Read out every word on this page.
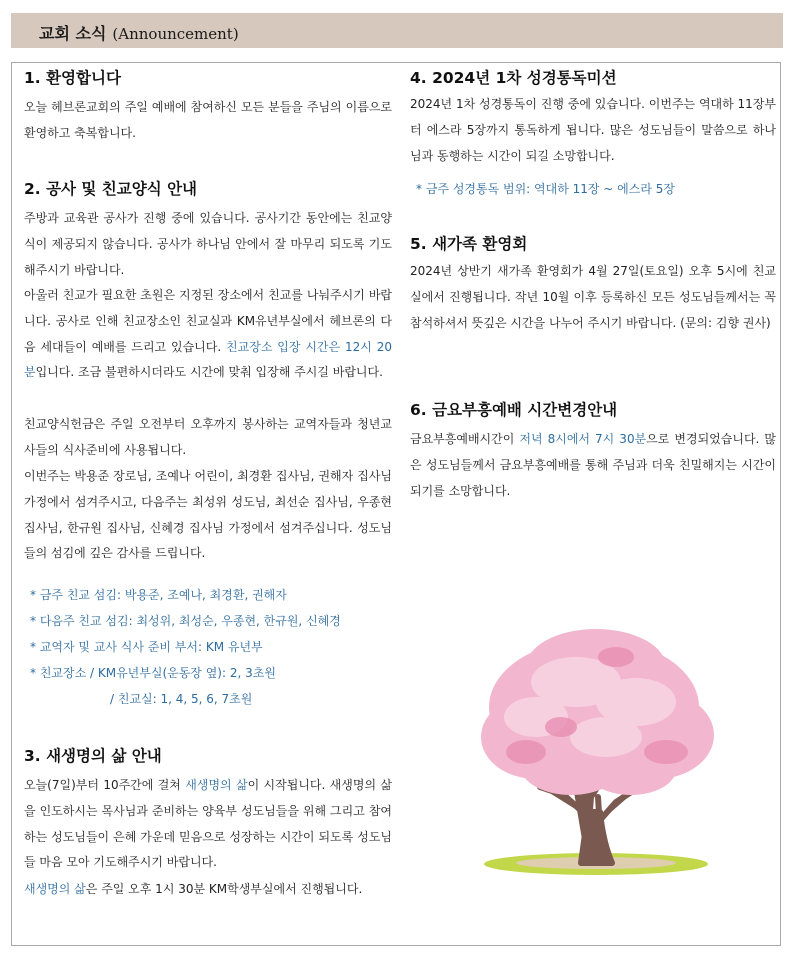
교회 소식 (Announcement)
1. 환영합니다

오늘 헤브론교회의 주일 예배에 참여하신 모든 분들을 주님의 이름으로 환영하고 축복합니다.

2. 공사 및 친교양식 안내

주방과 교육관 공사가 진행 중에 있습니다. 공사기간 동안에는 친교양식이 제공되지 않습니다. 공사가 하나님 안에서 잘 마무리 되도록 기도해주시기 바랍니다.

아울러 친교가 필요한 초원은 지정된 장소에서 친교를 나눠주시기 바랍니다. 공사로 인해 친교장소인 친교실과 KM유년부실에서 헤브론의 다음 세대들이 예배를 드리고 있습니다. 친교장소 입장 시간은 12시 20분입니다. 조금 불편하시더라도 시간에 맞춰 입장해 주시길 바랍니다.

친교양식헌금은 주일 오전부터 오후까지 봉사하는 교역자들과 청년교사들의 식사준비에 사용됩니다.

이번주는 박용준 장로님, 조예나 어린이, 최경환 집사님, 권해자 집사님 가정에서 섬겨주시고, 다음주는 최성위 성도님, 최선순 집사님, 우종현 집사님, 한규원 집사님, 신혜경 집사님 가정에서 섬겨주십니다. 성도님들의 섬김에 깊은 감사를 드립니다.

* 금주 친교 섬김: 박용준, 조예나, 최경환, 권해자
* 다음주 친교 섬김: 최성위, 최성순, 우종현, 한규원, 신혜경
* 교역자 및 교사 식사 준비 부서: KM 유년부
* 친교장소 / KM유년부실(운동장 옆): 2, 3초원
/ 친교실: 1, 4, 5, 6, 7초원
3. 새생명의 삶 안내

오늘(7일)부터 10주간에 걸쳐 새생명의 삶이 시작됩니다. 새생명의 삶을 인도하시는 목사님과 준비하는 양육부 성도님들을 위해 그리고 참여하는 성도님들이 은혜 가운데 믿음으로 성장하는 시간이 되도록 성도님들 마음 모아 기도해주시기 바랍니다.

새생명의 삶은 주일 오후 1시 30분 KM학생부실에서 진행됩니다.

4. 2024년 1차 성경통독미션

2024년 1차 성경통독이 진행 중에 있습니다. 이번주는 역대하 11장부터 에스라 5장까지 통독하게 됩니다. 많은 성도님들이 말씀으로 하나님과 동행하는 시간이 되길 소망합니다.

* 금주 성경통독 범위: 역대하 11장 ~ 에스라 5장
5. 새가족 환영회

2024년 상반기 새가족 환영회가 4월 27일(토요일) 오후 5시에 친교실에서 진행됩니다. 작년 10월 이후 등록하신 모든 성도님들께서는 꼭 참석하셔서 뜻깊은 시간을 나누어 주시기 바랍니다. (문의: 김향 권사)

6. 금요부흥예배 시간변경안내

금요부흥예배시간이 저녁 8시에서 7시 30분으로 변경되었습니다. 많은 성도님들께서 금요부흥예배를 통해 주님과 더욱 친밀해지는 시간이 되기를 소망합니다.
